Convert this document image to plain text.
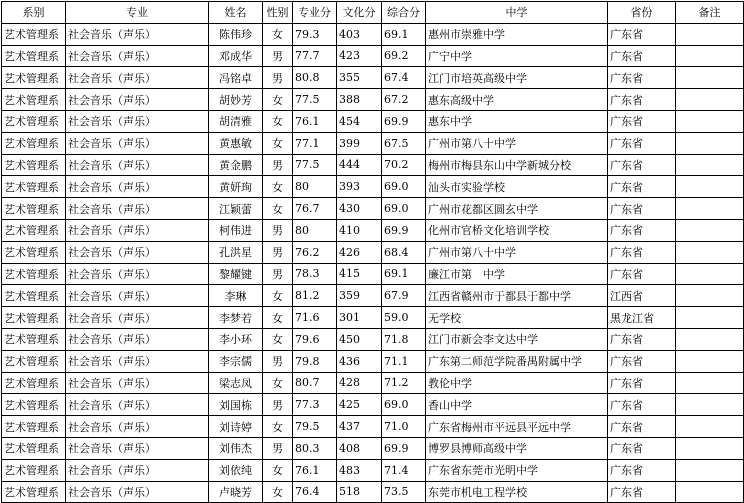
系别	专业	姓名	性别	专业分	文化分	综合分	中学	省份	备注
艺术管理系	社会音乐（声乐）	陈伟珍	女	79.3	403	69.1	惠州市崇雅中学	广东省	
艺术管理系	社会音乐（声乐）	邓成华	男	77.7	423	69.2	广宁中学	广东省	
艺术管理系	社会音乐（声乐）	冯铭卓	男	80.8	355	67.4	江门市培英高级中学	广东省	
艺术管理系	社会音乐（声乐）	胡妙芳	女	77.5	388	67.2	惠东高级中学	广东省	
艺术管理系	社会音乐（声乐）	胡清雅	女	76.1	454	69.9	惠东中学	广东省	
艺术管理系	社会音乐（声乐）	黄惠敏	女	77.1	399	67.5	广州市第八十中学	广东省	
艺术管理系	社会音乐（声乐）	黄金鹏	男	77.5	444	70.2	梅州市梅县东山中学新城分校	广东省	
艺术管理系	社会音乐（声乐）	黄妍珣	女	80	393	69.0	汕头市实验学校	广东省	
艺术管理系	社会音乐（声乐）	江颖蕾	女	76.7	430	69.0	广州市花都区圆玄中学	广东省	
艺术管理系	社会音乐（声乐）	柯伟进	男	80	410	69.9	化州市官桥文化培训学校	广东省	
艺术管理系	社会音乐（声乐）	孔洪星	男	76.2	426	68.4	广州市第八十中学	广东省	
艺术管理系	社会音乐（声乐）	黎耀键	男	78.3	415	69.1	廉江市第　中学	广东省	
艺术管理系	社会音乐（声乐）	李琳	女	81.2	359	67.9	江西省赣州市于都县于都中学	江西省	
艺术管理系	社会音乐（声乐）	李梦若	女	71.6	301	59.0	无学校	黑龙江省	
艺术管理系	社会音乐（声乐）	李小环	女	79.6	450	71.8	江门市新会李文达中学	广东省	
艺术管理系	社会音乐（声乐）	李宗儒	男	79.8	436	71.1	广东第二师范学院番禺附属中学	广东省	
艺术管理系	社会音乐（声乐）	梁志凤	女	80.7	428	71.2	教伦中学	广东省	
艺术管理系	社会音乐（声乐）	刘国栋	男	77.3	425	69.0	香山中学	广东省	
艺术管理系	社会音乐（声乐）	刘诗婷	女	79.5	437	71.0	广东省梅州市平远县平远中学	广东省	
艺术管理系	社会音乐（声乐）	刘伟杰	男	80.3	408	69.9	博罗县博师高级中学	广东省	
艺术管理系	社会音乐（声乐）	刘依纯	女	76.1	483	71.4	广东省东莞市光明中学	广东省	
艺术管理系	社会音乐（声乐）	卢晓芳	女	76.4	518	73.5	东莞市机电工程学校	广东省	
